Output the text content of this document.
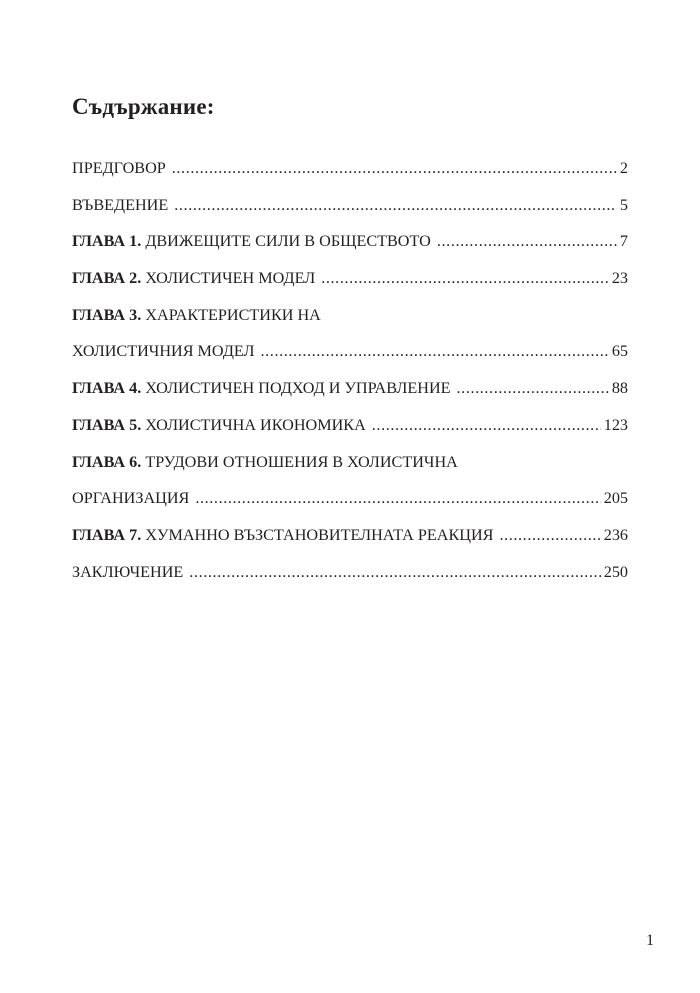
Съдържание:
ПРЕДГОВОР .....	2
ВЪВЕДЕНИЕ .....	5
ГЛАВА 1. ДВИЖЕЩИТЕ СИЛИ В ОБЩЕСТВОТО .....	7
ГЛАВА 2. ХОЛИСТИЧЕН МОДЕЛ .....	23
ГЛАВА 3. ХАРАКТЕРИСТИКИ НА
ХОЛИСТИЧНИЯ МОДЕЛ .....	65
ГЛАВА 4. ХОЛИСТИЧЕН ПОДХОД И УПРАВЛЕНИЕ .....	88
ГЛАВА 5. ХОЛИСТИЧНА ИКОНОМИКА .....	123
ГЛАВА 6. ТРУДОВИ ОТНОШЕНИЯ В ХОЛИСТИЧНА
ОРГАНИЗАЦИЯ .....	205
ГЛАВА 7. ХУМАННО ВЪЗСТАНОВИТЕЛНАТА РЕАКЦИЯ .....	236
ЗАКЛЮЧЕНИЕ .....	250
1
